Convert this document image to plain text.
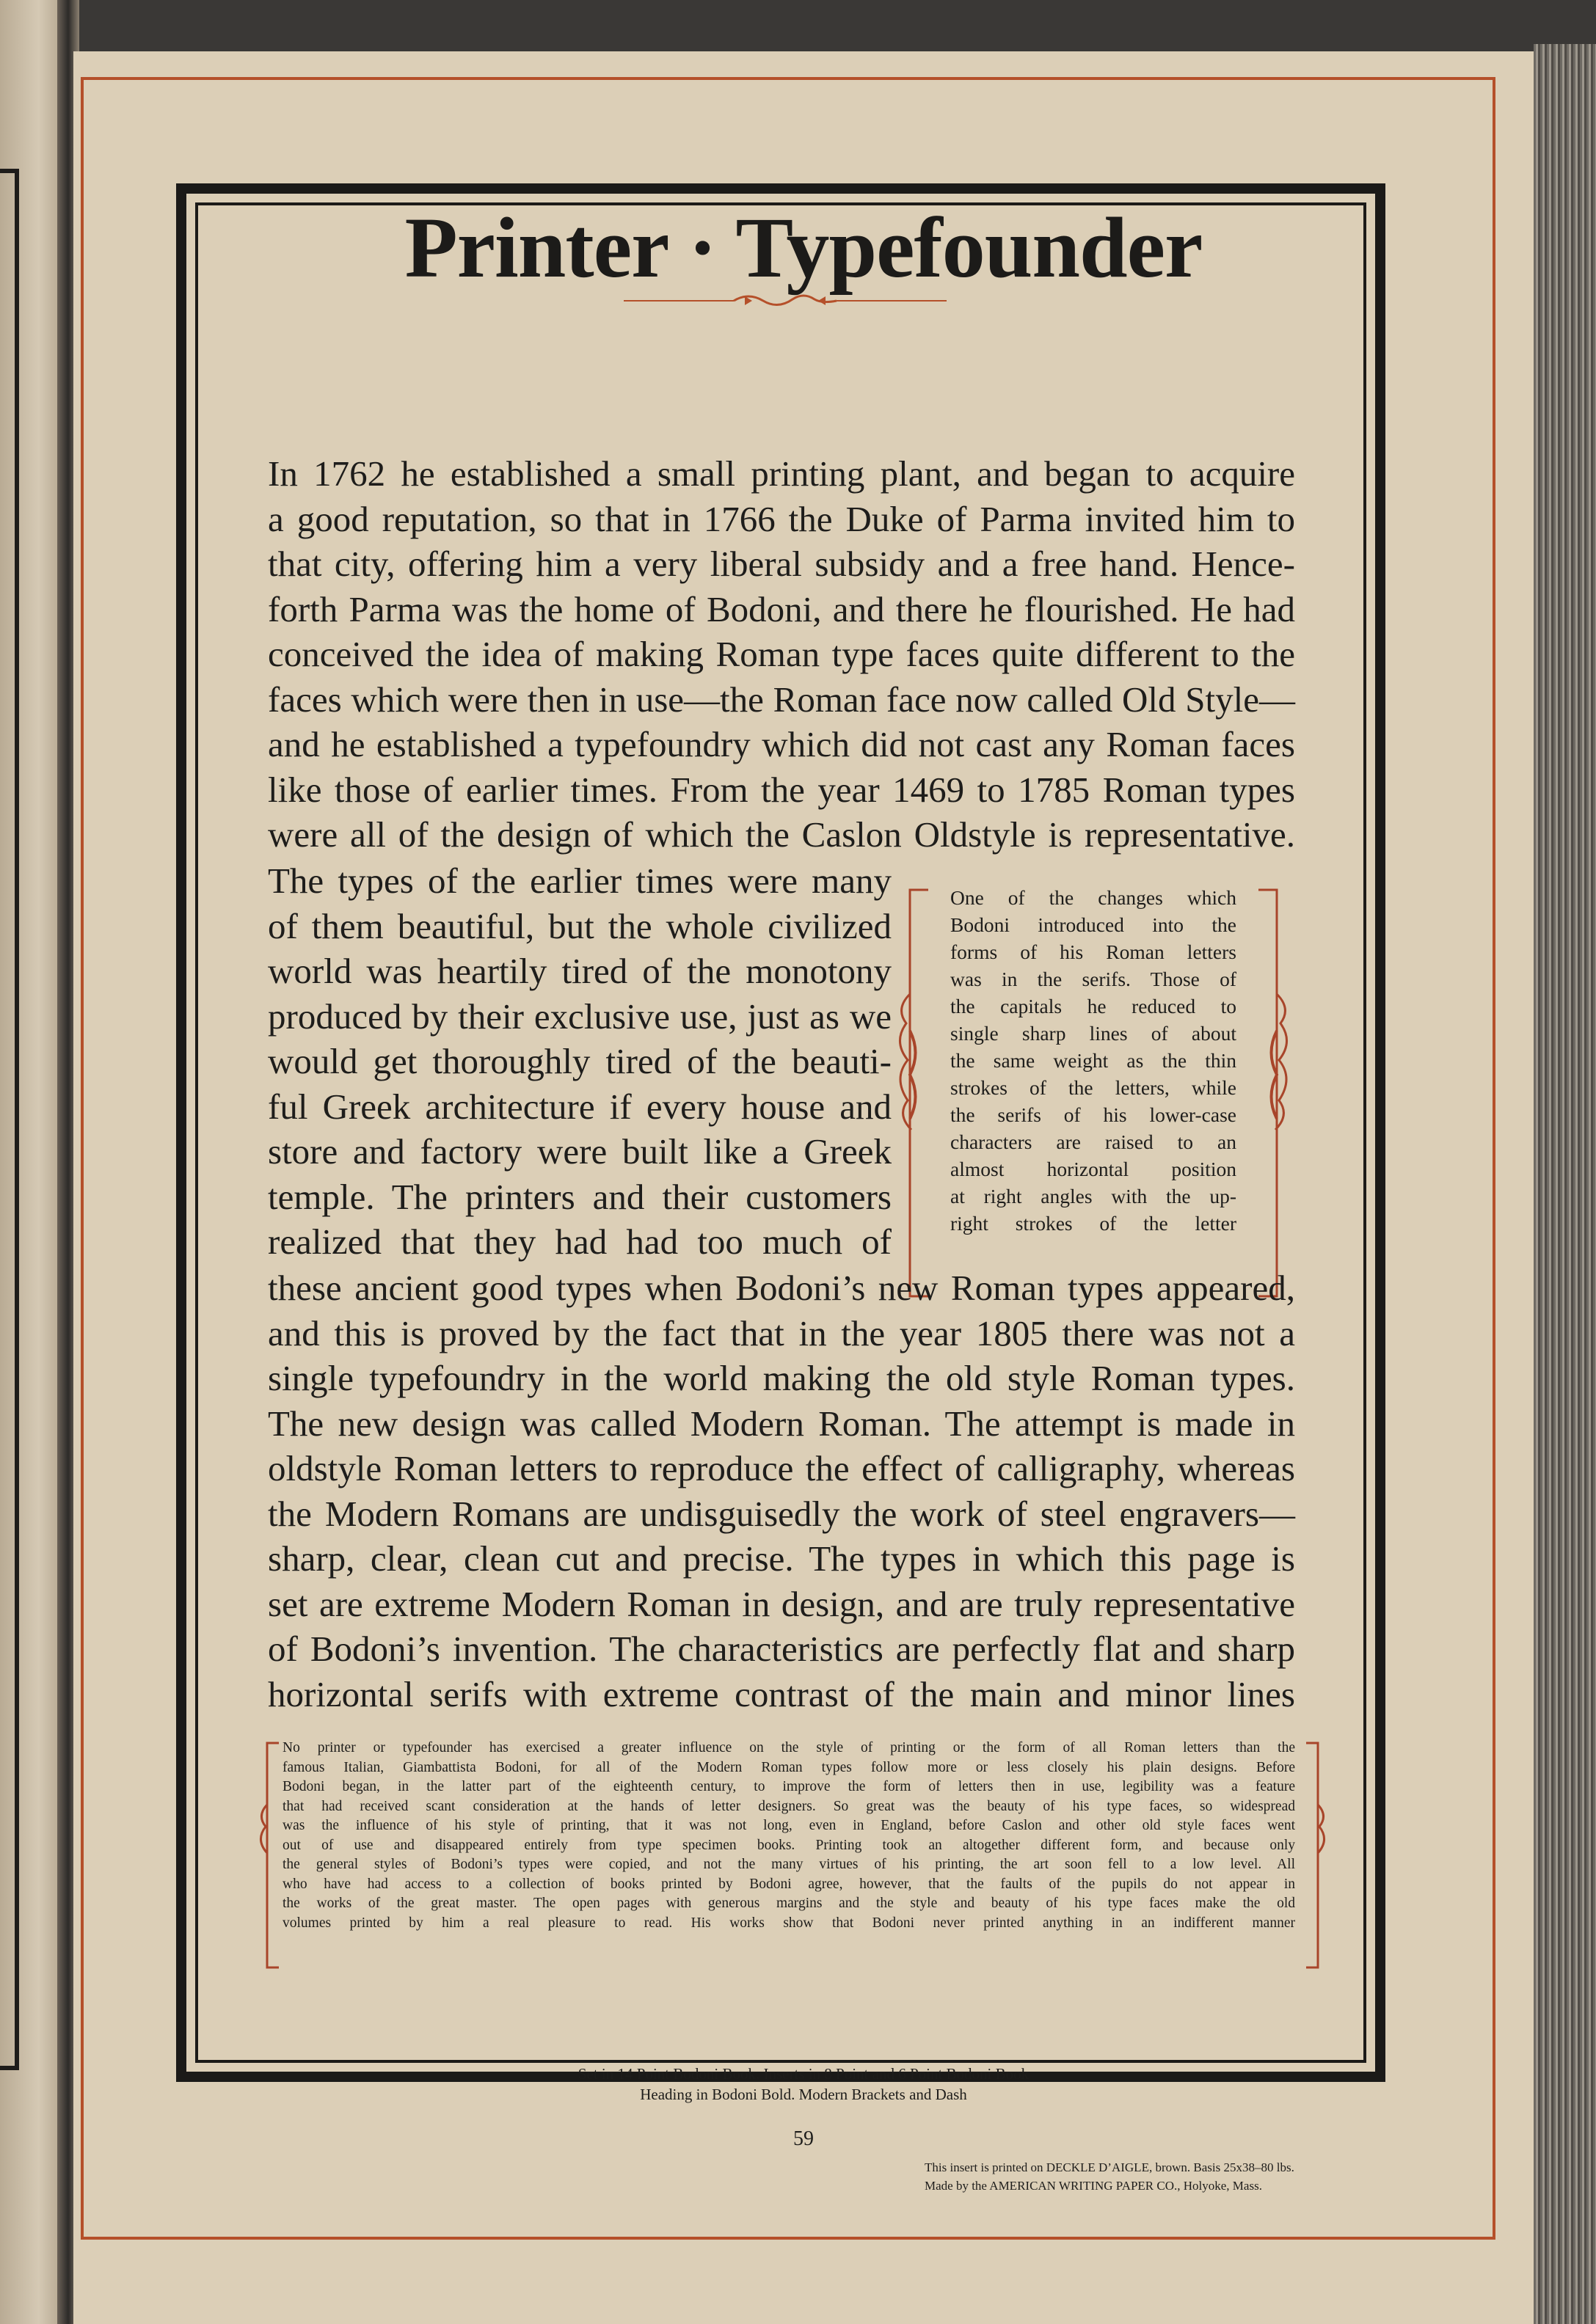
Printer · Typefounder
In 1762 he established a small printing plant, and began to acquire
a good reputation, so that in 1766 the Duke of Parma invited him to
that city, offering him a very liberal subsidy and a free hand. Hence-
forth Parma was the home of Bodoni, and there he flourished. He had
conceived the idea of making Roman type faces quite different to the
faces which were then in use—the Roman face now called Old Style—
and he established a typefoundry which did not cast any Roman faces
like those of earlier times. From the year 1469 to 1785 Roman types
were all of the design of which the Caslon Oldstyle is representative.
The types of the earlier times were many
of them beautiful, but the whole civilized
world was heartily tired of the monotony
produced by their exclusive use, just as we
would get thoroughly tired of the beauti-
ful Greek architecture if every house and
store and factory were built like a Greek
temple. The printers and their customers
realized that they had had too much of
One of the changes which
Bodoni introduced into the
forms of his Roman letters
was in the serifs. Those of
the capitals he reduced to
single sharp lines of about
the same weight as the thin
strokes of the letters, while
the serifs of his lower-case
characters are raised to an
almost horizontal position
at right angles with the up-
right strokes of the letter
these ancient good types when Bodoni’s new Roman types appeared,
and this is proved by the fact that in the year 1805 there was not a
single typefoundry in the world making the old style Roman types.
The new design was called Modern Roman. The attempt is made in
oldstyle Roman letters to reproduce the effect of calligraphy, whereas
the Modern Romans are undisguisedly the work of steel engravers—
sharp, clear, clean cut and precise. The types in which this page is
set are extreme Modern Roman in design, and are truly representative
of Bodoni’s invention. The characteristics are perfectly flat and sharp
horizontal serifs with extreme contrast of the main and minor lines
No printer or typefounder has exercised a greater influence on the style of printing or the form of all Roman letters than the
famous Italian, Giambattista Bodoni, for all of the Modern Roman types follow more or less closely his plain designs. Before
Bodoni began, in the latter part of the eighteenth century, to improve the form of letters then in use, legibility was a feature
that had received scant consideration at the hands of letter designers. So great was the beauty of his type faces, so widespread
was the influence of his style of printing, that it was not long, even in England, before Caslon and other old style faces went
out of use and disappeared entirely from type specimen books. Printing took an altogether different form, and because only
the general styles of Bodoni’s types were copied, and not the many virtues of his printing, the art soon fell to a low level. All
who have had access to a collection of books printed by Bodoni agree, however, that the faults of the pupils do not appear in
the works of the great master. The open pages with generous margins and the style and beauty of his type faces make the old
volumes printed by him a real pleasure to read. His works show that Bodoni never printed anything in an indifferent manner
Set in 14 Point Bodoni Book. Inserts in 8 Point and 6 Point Bodoni Book
Heading in Bodoni Bold. Modern Brackets and Dash
59
This insert is printed on DECKLE D’AIGLE, brown. Basis 25x38–80 lbs.
Made by the AMERICAN WRITING PAPER CO., Holyoke, Mass.
